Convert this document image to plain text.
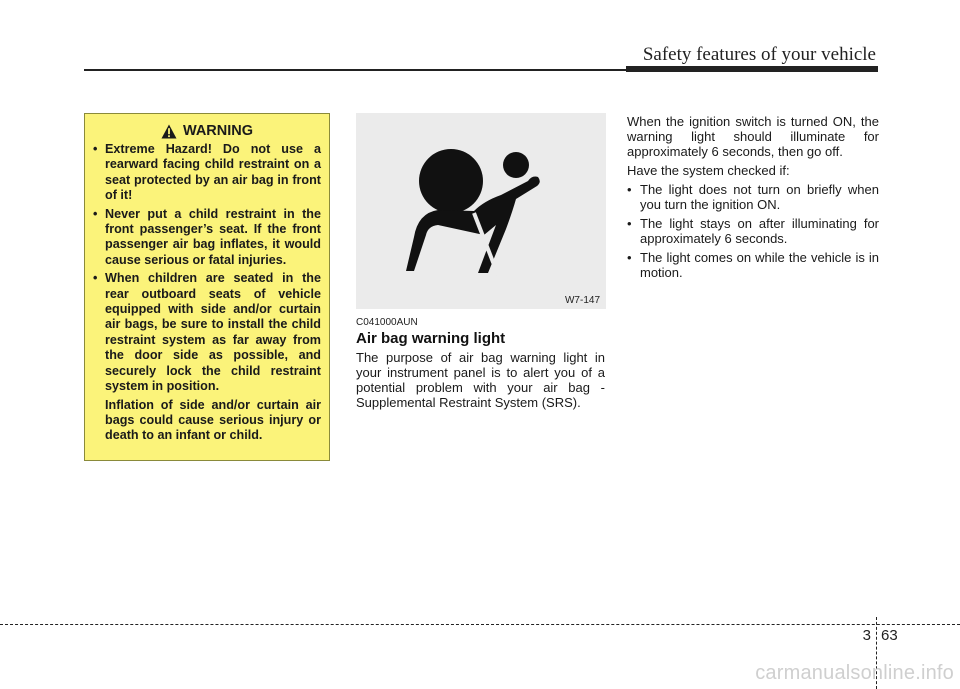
Safety features of your vehicle
WARNING
• Extreme Hazard! Do not use a rearward facing child restraint on a seat protected by an air bag in front of it!
• Never put a child restraint in the front passenger’s seat. If the front passenger air bag inflates, it would cause serious or fatal injuries.
• When children are seated in the rear outboard seats of vehicle equipped with side and/or curtain air bags, be sure to install the child restraint system as far away from the door side as possible, and securely lock the child restraint system in position.
Inflation of side and/or curtain air bags could cause serious injury or death to an infant or child.
W7-147
C041000AUN
Air bag warning light

The purpose of air bag warning light in your instrument panel is to alert you of a potential problem with your air bag - Supplemental Restraint System (SRS).

When the ignition switch is turned ON, the warning light should illuminate for approximately 6 seconds, then go off.

Have the system checked if:

• The light does not turn on briefly when you turn the ignition ON.
• The light stays on after illuminating for approximately 6 seconds.
• The light comes on while the vehicle is in motion.
3 63
carmanualsonline.info
